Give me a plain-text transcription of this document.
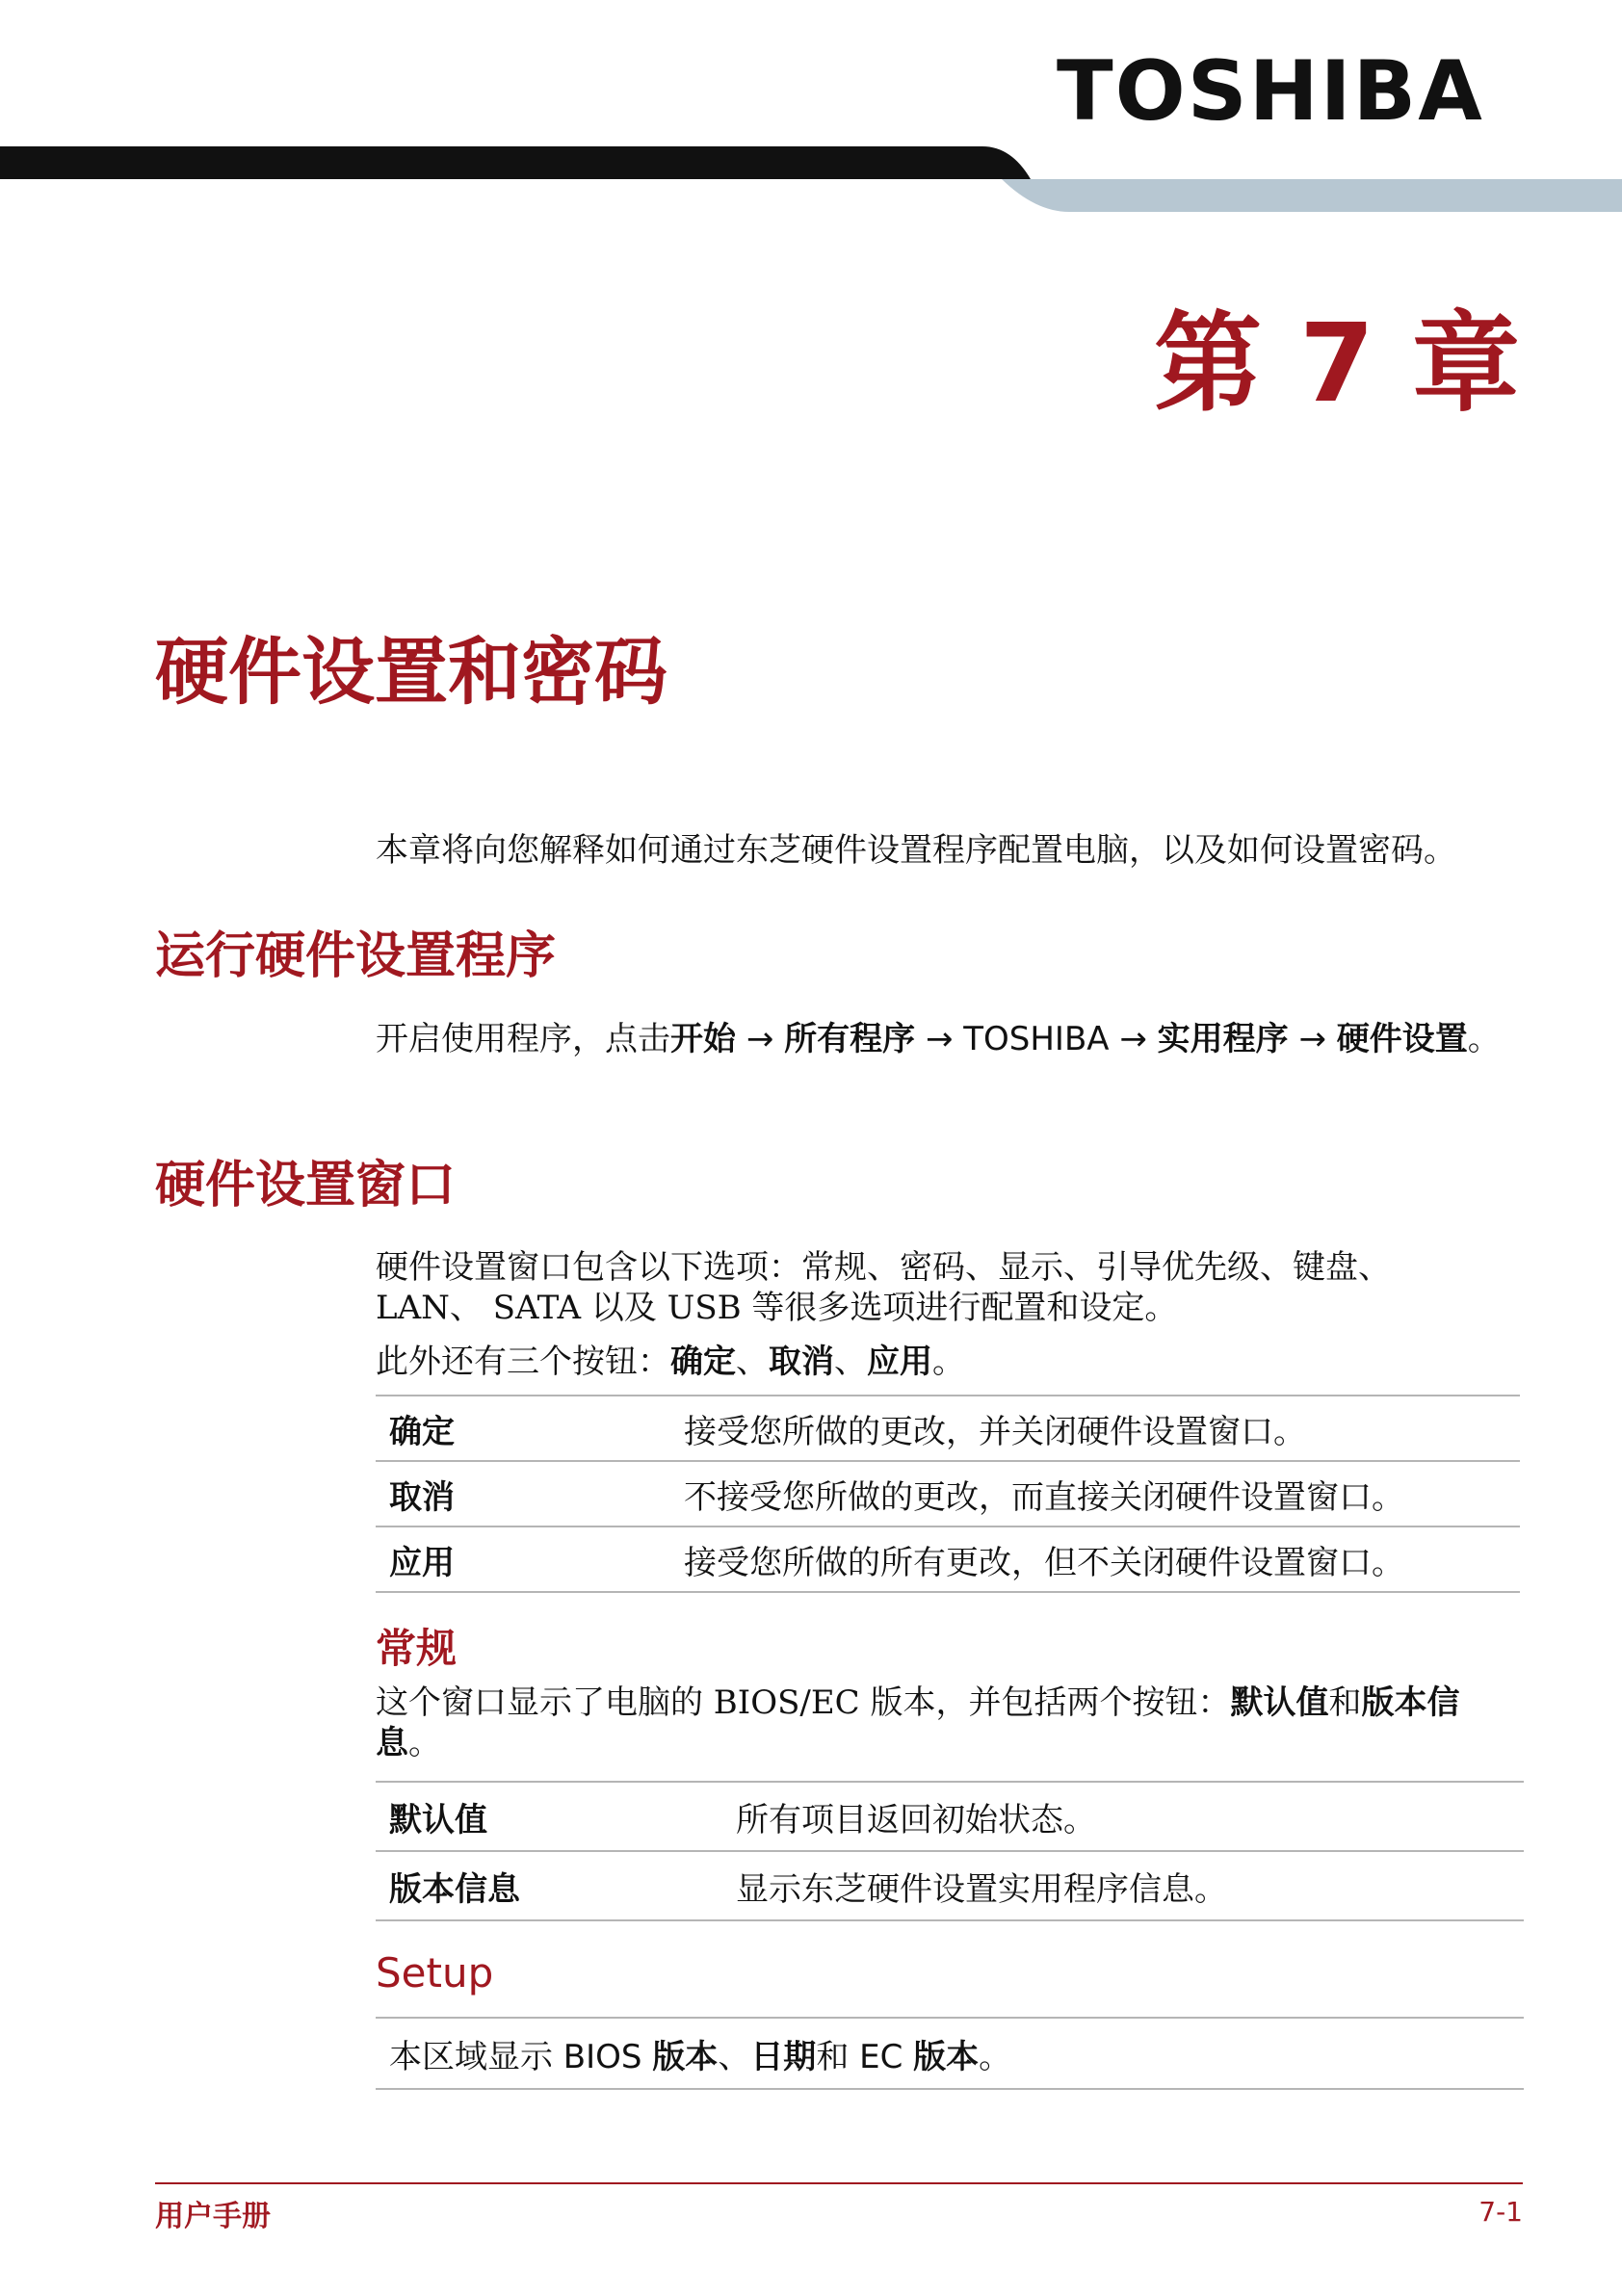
TOSHIBA
第 7 章
硬件设置和密码
本章将向您解释如何通过东芝硬件设置程序配置电脑，以及如何设置密码。
运行硬件设置程序
开启使用程序，点击开始 → 所有程序 → TOSHIBA → 实用程序 → 硬件设置。
硬件设置窗口
硬件设置窗口包含以下选项：常规、密码、显示、引导优先级、键盘、LAN、 SATA 以及 USB 等很多选项进行配置和设定。
此外还有三个按钮：确定、取消、应用。
确定	接受您所做的更改，并关闭硬件设置窗口。
取消	不接受您所做的更改，而直接关闭硬件设置窗口。
应用	接受您所做的所有更改，但不关闭硬件设置窗口。
常规
这个窗口显示了电脑的 BIOS/EC 版本，并包括两个按钮：默认值和版本信息。
默认值	所有项目返回初始状态。
版本信息	显示东芝硬件设置实用程序信息。
Setup
本区域显示 BIOS 版本、日期和 EC 版本。
用户手册	7-1
